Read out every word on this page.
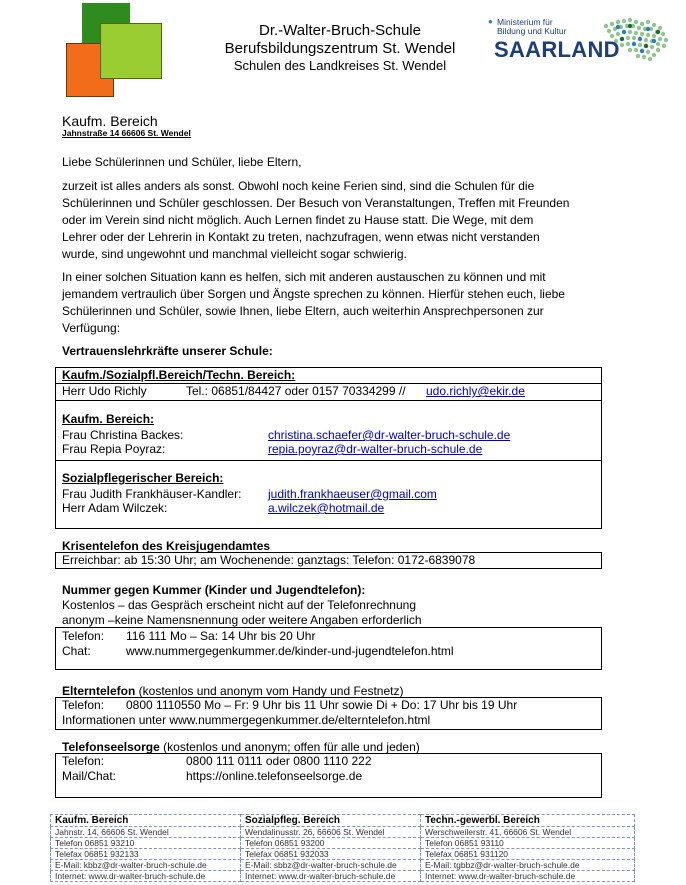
Dr.-Walter-Bruch-Schule
Berufsbildungszentrum St. Wendel
Schulen des Landkreises St. Wendel
● Ministerium für
Bildung und Kultur
SAARLAND
Kaufm. Bereich
Jahnstraße 14 66606 St. Wendel
Liebe Schülerinnen und Schüler, liebe Eltern,
zurzeit ist alles anders als sonst. Obwohl noch keine Ferien sind, sind die Schulen für die
Schülerinnen und Schüler geschlossen. Der Besuch von Veranstaltungen, Treffen mit Freunden
oder im Verein sind nicht möglich. Auch Lernen findet zu Hause statt. Die Wege, mit dem
Lehrer oder der Lehrerin in Kontakt zu treten, nachzufragen, wenn etwas nicht verstanden
wurde, sind ungewohnt und manchmal vielleicht sogar schwierig.
In einer solchen Situation kann es helfen, sich mit anderen austauschen zu können und mit
jemandem vertraulich über Sorgen und Ängste sprechen zu können. Hierfür stehen euch, liebe
Schülerinnen und Schüler, sowie Ihnen, liebe Eltern, auch weiterhin Ansprechpersonen zur
Verfügung:
Vertrauenslehrkräfte unserer Schule:
Kaufm./Sozialpfl.Bereich/Techn. Bereich:
Herr Udo Richly	Tel.: 06851/84427 oder 0157 70334299 // udo.richly@ekir.de
Kaufm. Bereich:
Frau Christina Backes:	christina.schaefer@dr-walter-bruch-schule.de
Frau Repia Poyraz:	repia.poyraz@dr-walter-bruch-schule.de
Sozialpflegerischer Bereich:
Frau Judith Frankhäuser-Kandler: judith.frankhaeuser@gmail.com
Herr Adam Wilczek:	a.wilczek@hotmail.de
Krisentelefon des Kreisjugendamtes
Erreichbar: ab 15:30 Uhr; am Wochenende: ganztags: Telefon: 0172-6839078
Nummer gegen Kummer (Kinder und Jugendtelefon):
Kostenlos – das Gespräch erscheint nicht auf der Telefonrechnung
anonym –keine Namensnennung oder weitere Angaben erforderlich
Telefon: 116 111 Mo – Sa: 14 Uhr bis 20 Uhr
Chat:	www.nummergegenkummer.de/kinder-und-jugendtelefon.html
Elterntelefon (kostenlos und anonym vom Handy und Festnetz)
Telefon: 0800 1110550 Mo – Fr: 9 Uhr bis 11 Uhr sowie Di + Do: 17 Uhr bis 19 Uhr
Informationen unter www.nummergegenkummer.de/elterntelefon.html
Telefonseelsorge (kostenlos und anonym; offen für alle und jeden)
Telefon:	0800 111 0111 oder 0800 1110 222
Mail/Chat:	https://online.telefonseelsorge.de
Kaufm. Bereich	Sozialpfleg. Bereich	Techn.-gewerbl. Bereich
Jahnstr. 14, 66606 St. Wendel	Wendalinusstr. 26, 66606 St. Wendel	Werschweilerstr. 41, 66606 St. Wendel
Telefon 06851 93210	Telefon 06851 93200	Telefon 06851 93110
Telefax 06851 932133	Telefax 06851 932033	Telefax 06851 931120
E-Mail: kbbz@dr-walter-bruch-schule.de	E-Mail: sbbz@dr-walter-bruch-schule.de	E-Mail: tgbbz@dr-walter-bruch-schule.de
Internet: www.dr-walter-bruch-schule.de	Internet: www.dr-walter-bruch-schule.de	Internet: www.dr-walter-bruch-schule.de
